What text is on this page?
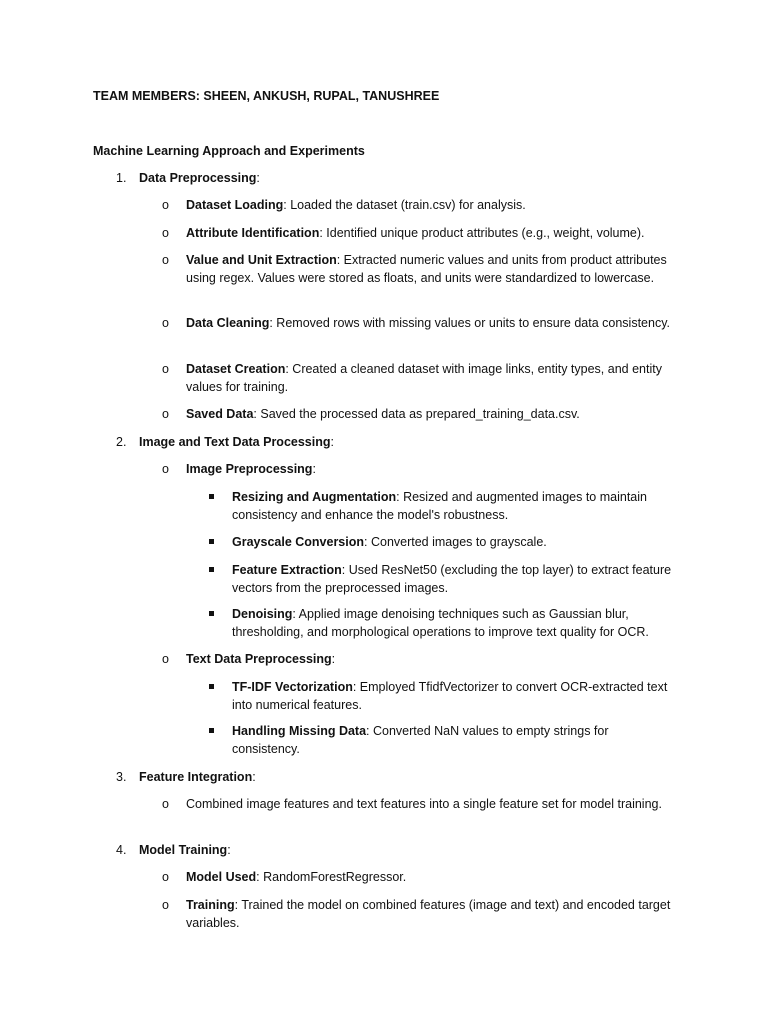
TEAM MEMBERS: SHEEN, ANKUSH, RUPAL, TANUSHREE
Machine Learning Approach and Experiments
1.	Data Preprocessing:
o	Dataset Loading: Loaded the dataset (train.csv) for analysis.
o	Attribute Identification: Identified unique product attributes (e.g., weight, volume).
o	Value and Unit Extraction: Extracted numeric values and units from product attributes using regex. Values were stored as floats, and units were standardized to lowercase.
o	Data Cleaning: Removed rows with missing values or units to ensure data consistency.
o	Dataset Creation: Created a cleaned dataset with image links, entity types, and entity values for training.
o	Saved Data: Saved the processed data as prepared_training_data.csv.
2.	Image and Text Data Processing:
o	Image Preprocessing:
Resizing and Augmentation: Resized and augmented images to maintain consistency and enhance the model's robustness.
Grayscale Conversion: Converted images to grayscale.
Feature Extraction: Used ResNet50 (excluding the top layer) to extract feature vectors from the preprocessed images.
Denoising: Applied image denoising techniques such as Gaussian blur, thresholding, and morphological operations to improve text quality for OCR.
o	Text Data Preprocessing:
TF-IDF Vectorization: Employed TfidfVectorizer to convert OCR-extracted text into numerical features.
Handling Missing Data: Converted NaN values to empty strings for consistency.
3.	Feature Integration:
o	Combined image features and text features into a single feature set for model training.
4.	Model Training:
o	Model Used: RandomForestRegressor.
o	Training: Trained the model on combined features (image and text) and encoded target variables.
